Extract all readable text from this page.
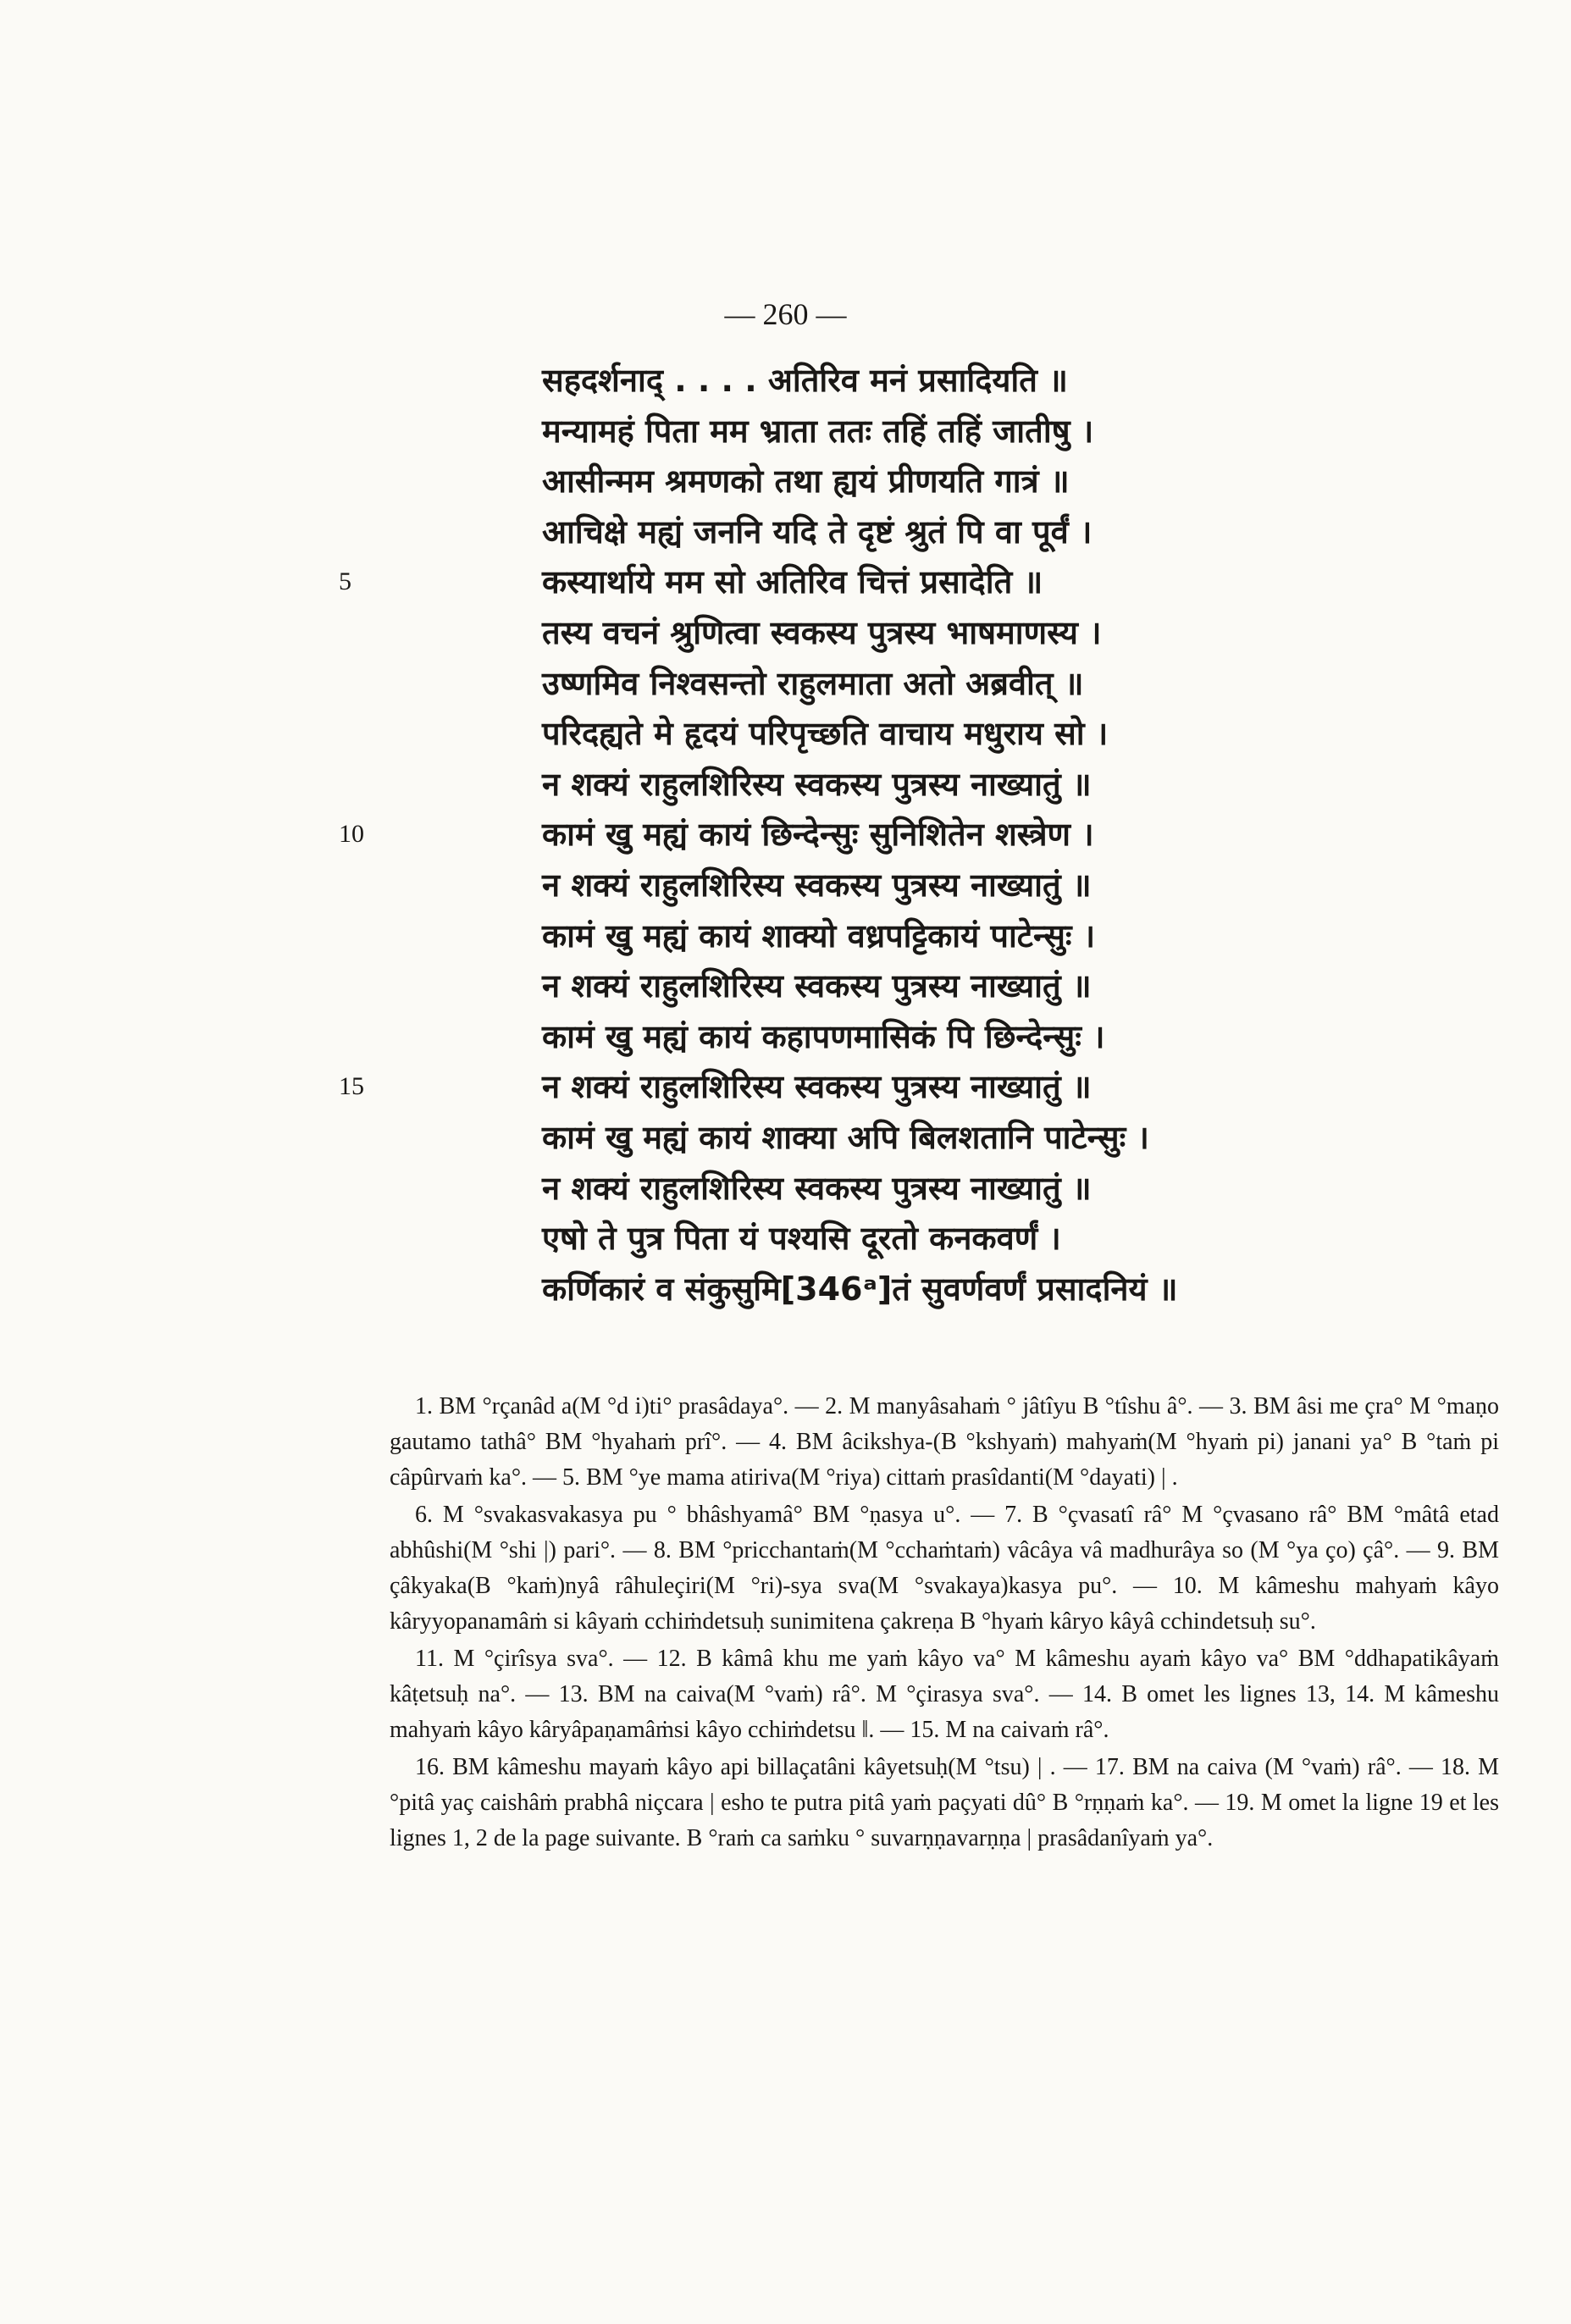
— 260 —
सहदर्शनाद् . . . . अतिरिव मनं प्रसादियति ॥
मन्यामहं पिता मम भ्राता ततः तहिं तहिं जातीषु ।
आसीन्मम श्रमणको तथा ह्ययं प्रीणयति गात्रं ॥
आचिक्षे मह्यं जननि यदि ते दृष्टं श्रुतं पि वा पूर्वं ।
कस्यार्थाये मम सो अतिरिव चित्तं प्रसादेति ॥
तस्य वचनं श्रुणित्वा स्वकस्य पुत्रस्य भाषमाणस्य ।
उष्णमिव निश्वसन्तो राहुलमाता अतो अब्रवीत् ॥
परिदह्यते मे हृदयं परिपृच्छति वाचाय मधुराय सो ।
न शक्यं राहुलशिरिस्य स्वकस्य पुत्रस्य नाख्यातुं ॥
कामं खु मह्यं कायं छिन्देन्सुः सुनिशितेन शस्त्रेण ।
न शक्यं राहुलशिरिस्य स्वकस्य पुत्रस्य नाख्यातुं ॥
कामं खु मह्यं कायं शाक्यो वध्रपट्टिकायं पाटेन्सुः ।
न शक्यं राहुलशिरिस्य स्वकस्य पुत्रस्य नाख्यातुं ॥
कामं खु मह्यं कायं कहापणमासिकं पि छिन्देन्सुः ।
न शक्यं राहुलशिरिस्य स्वकस्य पुत्रस्य नाख्यातुं ॥
कामं खु मह्यं कायं शाक्या अपि बिलशतानि पाटेन्सुः ।
न शक्यं राहुलशिरिस्य स्वकस्य पुत्रस्य नाख्यातुं ॥
एषो ते पुत्र पिता यं पश्यसि दूरतो कनकवर्णं ।
कर्णिकारं व संकुसुमि[346ᵃ]तं सुवर्णवर्णं प्रसादनियं ॥
5
10
15

1. BM °rçanâd a(M °d i)ti° prasâdaya°. — 2. M manyâsahaṁ ° jâtîyu B °tîshu â°. — 3. BM âsi me çra° M °maṇo gautamo tathâ° BM °hyahaṁ prî°. — 4. BM âcikshya-(B °kshyaṁ) mahyaṁ(M °hyaṁ pi) janani ya° B °taṁ pi câpûrvaṁ ka°. — 5. BM °ye mama atiriva(M °riya) cittaṁ prasîdanti(M °dayati) | .

6. M °svakasvakasya pu ° bhâshyamâ° BM °ṇasya u°. — 7. B °çvasatî râ° M °çvasano râ° BM °mâtâ etad abhûshi(M °shi |) pari°. — 8. BM °pricchantaṁ(M °cchaṁtaṁ) vâcâya vâ madhurâya so (M °ya ço) çâ°. — 9. BM çâkyaka(B °kaṁ)nyâ râhuleçiri(M °ri)-sya sva(M °svakaya)kasya pu°. — 10. M kâmeshu mahyaṁ kâyo kâryyopanamâṁ si kâyaṁ cchiṁdetsuḥ sunimitena çakreṇa B °hyaṁ kâryo kâyâ cchindetsuḥ su°.

11. M °çirîsya sva°. — 12. B kâmâ khu me yaṁ kâyo va° M kâmeshu ayaṁ kâyo va° BM °ddhapatikâyaṁ kâṭetsuḥ na°. — 13. BM na caiva(M °vaṁ) râ°. M °çirasya sva°. — 14. B omet les lignes 13, 14. M kâmeshu mahyaṁ kâyo kâryâpaṇamâṁsi kâyo cchiṁdetsu ‖. — 15. M na caivaṁ râ°.

16. BM kâmeshu mayaṁ kâyo api billaçatâni kâyetsuḥ(M °tsu) | . — 17. BM na caiva (M °vaṁ) râ°. — 18. M °pitâ yaç caishâṁ prabhâ niçcara | esho te putra pitâ yaṁ paçyati dû° B °rṇṇaṁ ka°. — 19. M omet la ligne 19 et les lignes 1, 2 de la page suivante. B °raṁ ca saṁku ° suvarṇṇavarṇṇa | prasâdanîyaṁ ya°.
